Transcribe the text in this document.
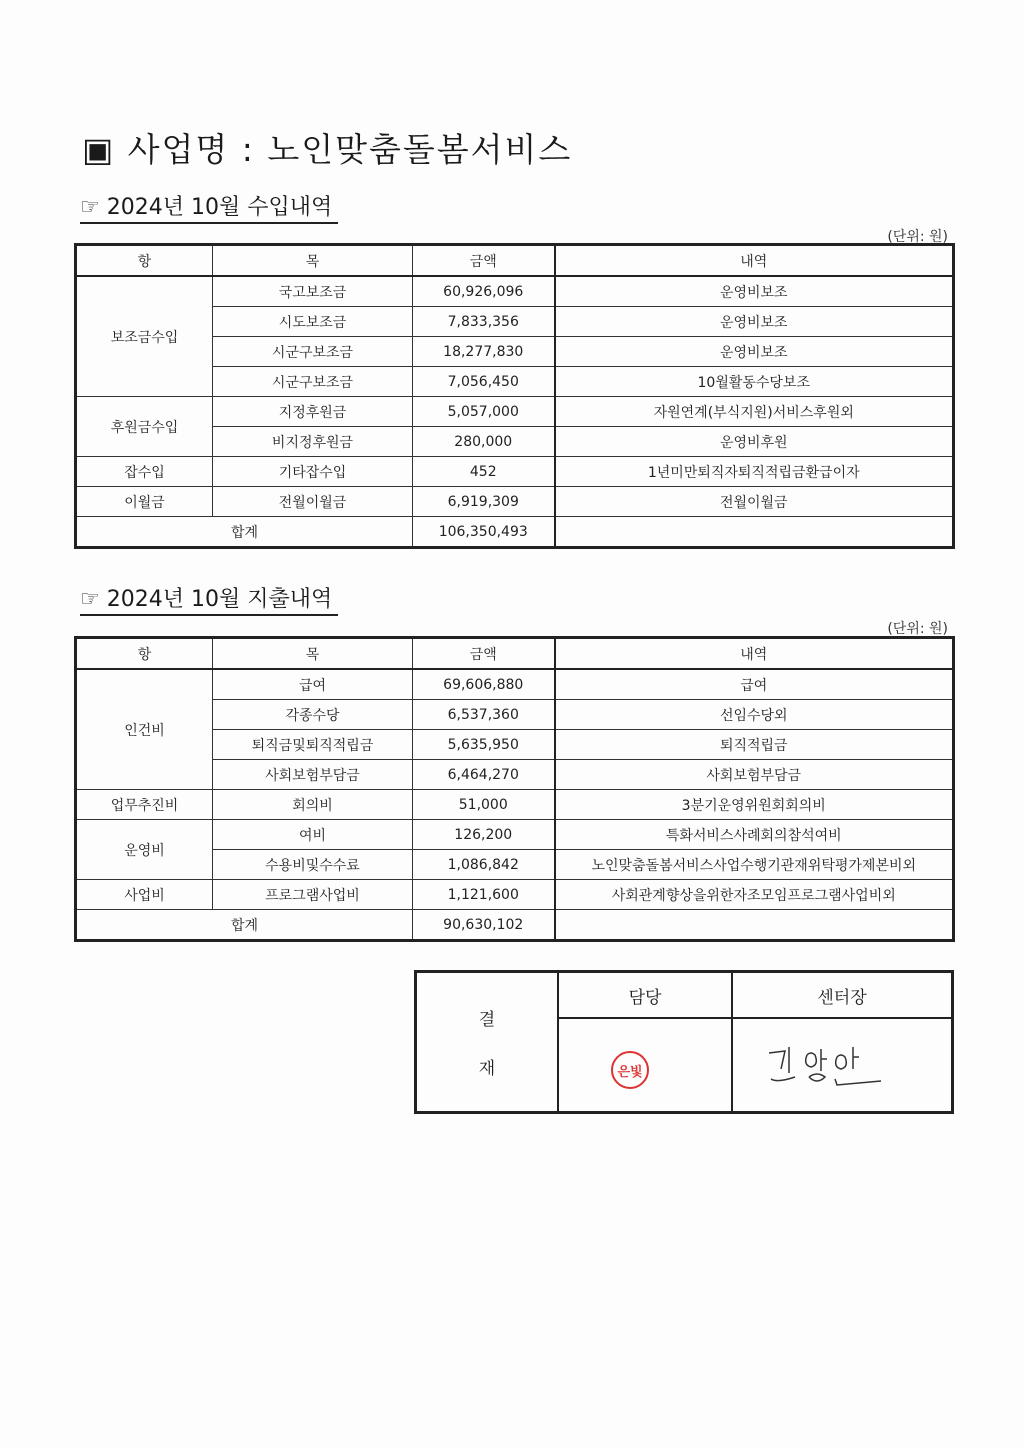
▣ 사업명 : 노인맞춤돌봄서비스
☞ 2024년 10월 수입내역
(단위: 원)
항	목	금액	내역
보조금수입	국고보조금	60,926,096	운영비보조
	시도보조금	7,833,356	운영비보조
	시군구보조금	18,277,830	운영비보조
	시군구보조금	7,056,450	10월활동수당보조
후원금수입	지정후원금	5,057,000	자원연계(부식지원)서비스후원외
	비지정후원금	280,000	운영비후원
잡수입	기타잡수입	452	1년미만퇴직자퇴직적립금환급이자
이월금	전월이월금	6,919,309	전월이월금
합계		106,350,493	
☞ 2024년 10월 지출내역
(단위: 원)
항	목	금액	내역
인건비	급여	69,606,880	급여
	각종수당	6,537,360	선임수당외
	퇴직금및퇴직적립금	5,635,950	퇴직적립금
	사회보험부담금	6,464,270	사회보험부담금
업무추진비	회의비	51,000	3분기운영위원회회의비
운영비	여비	126,200	특화서비스사례회의참석여비
	수용비및수수료	1,086,842	노인맞춤돌봄서비스사업수행기관재위탁평가제본비외
사업비	프로그램사업비	1,121,600	사회관계향상을위한자조모임프로그램사업비외
합계		90,630,102	
결
재
담당
은빛
센터장
